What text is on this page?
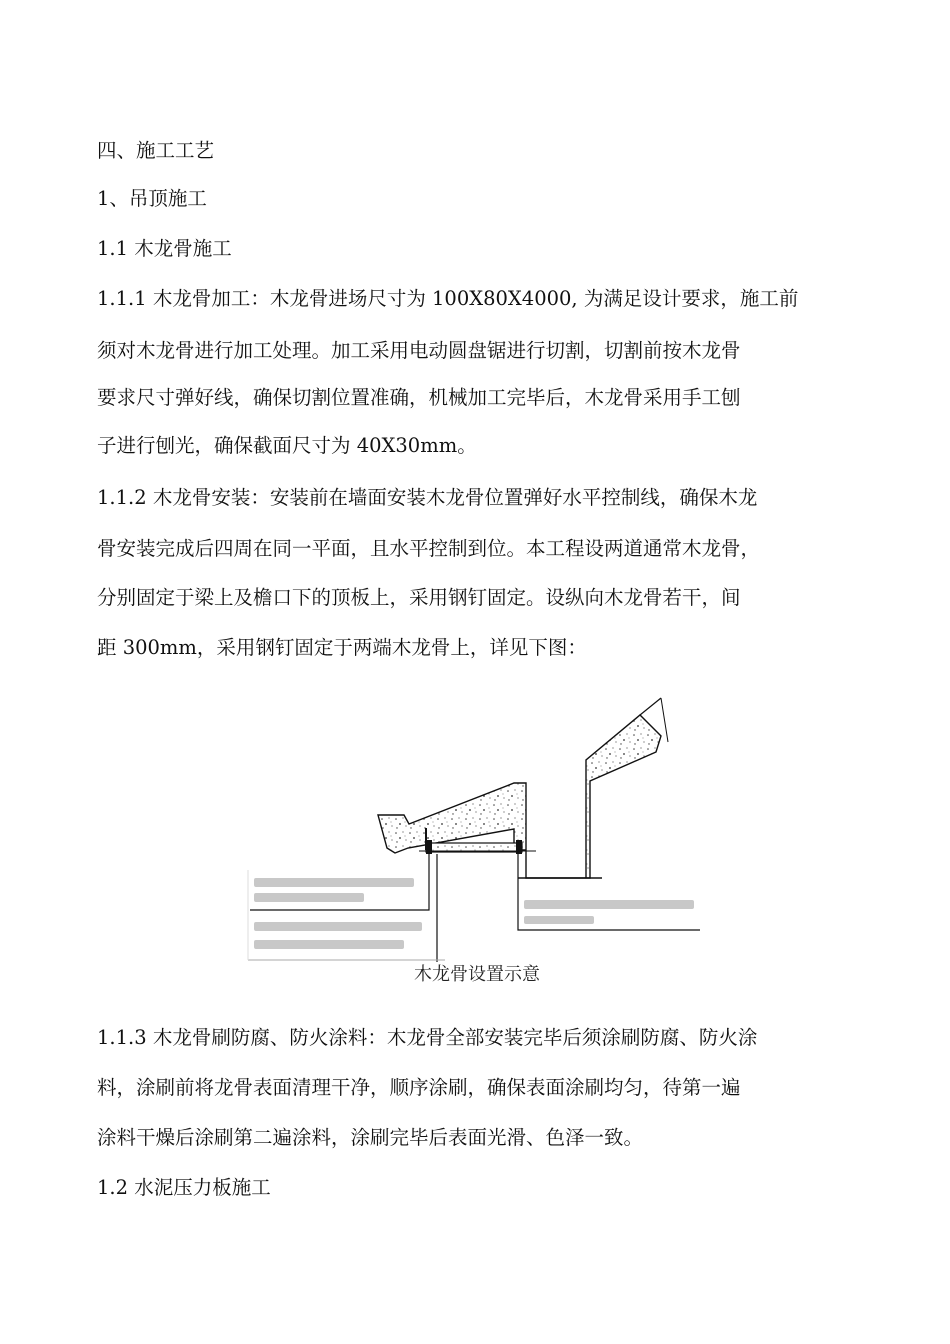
四、施工工艺

1、吊顶施工

1.1 木龙骨施工

1.1.1 木龙骨加工：木龙骨进场尺寸为 100X80X4000, 为满足设计要求，施工前

须对木龙骨进行加工处理。加工采用电动圆盘锯进行切割，切割前按木龙骨

要求尺寸弹好线，确保切割位置准确，机械加工完毕后，木龙骨采用手工刨

子进行刨光，确保截面尺寸为 40X30mm。

1.1.2 木龙骨安装：安装前在墙面安装木龙骨位置弹好水平控制线，确保木龙

骨安装完成后四周在同一平面，且水平控制到位。本工程设两道通常木龙骨，

分别固定于梁上及檐口下的顶板上，采用钢钉固定。设纵向木龙骨若干，间

距 300mm，采用钢钉固定于两端木龙骨上，详见下图：

木龙骨设置示意

1.1.3 木龙骨刷防腐、防火涂料：木龙骨全部安装完毕后须涂刷防腐、防火涂

料，涂刷前将龙骨表面清理干净，顺序涂刷，确保表面涂刷均匀，待第一遍

涂料干燥后涂刷第二遍涂料，涂刷完毕后表面光滑、色泽一致。

1.2 水泥压力板施工
